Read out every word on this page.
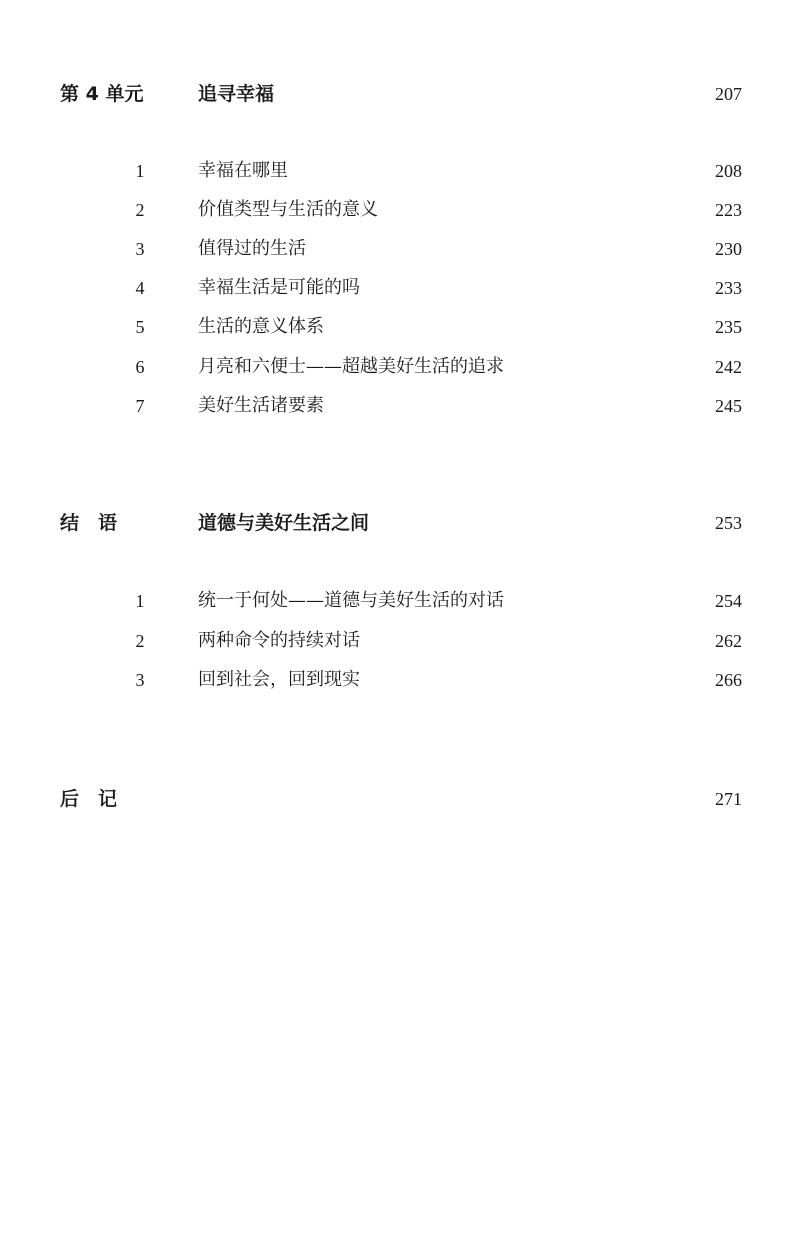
第 4 单元	追寻幸福	207
1	幸福在哪里	208
2	价值类型与生活的意义	223
3	值得过的生活	230
4	幸福生活是可能的吗	233
5	生活的意义体系	235
6	月亮和六便士——超越美好生活的追求	242
7	美好生活诸要素	245
结　语	道德与美好生活之间	253
1	统一于何处——道德与美好生活的对话	254
2	两种命令的持续对话	262
3	回到社会，回到现实	266
后　记	271
